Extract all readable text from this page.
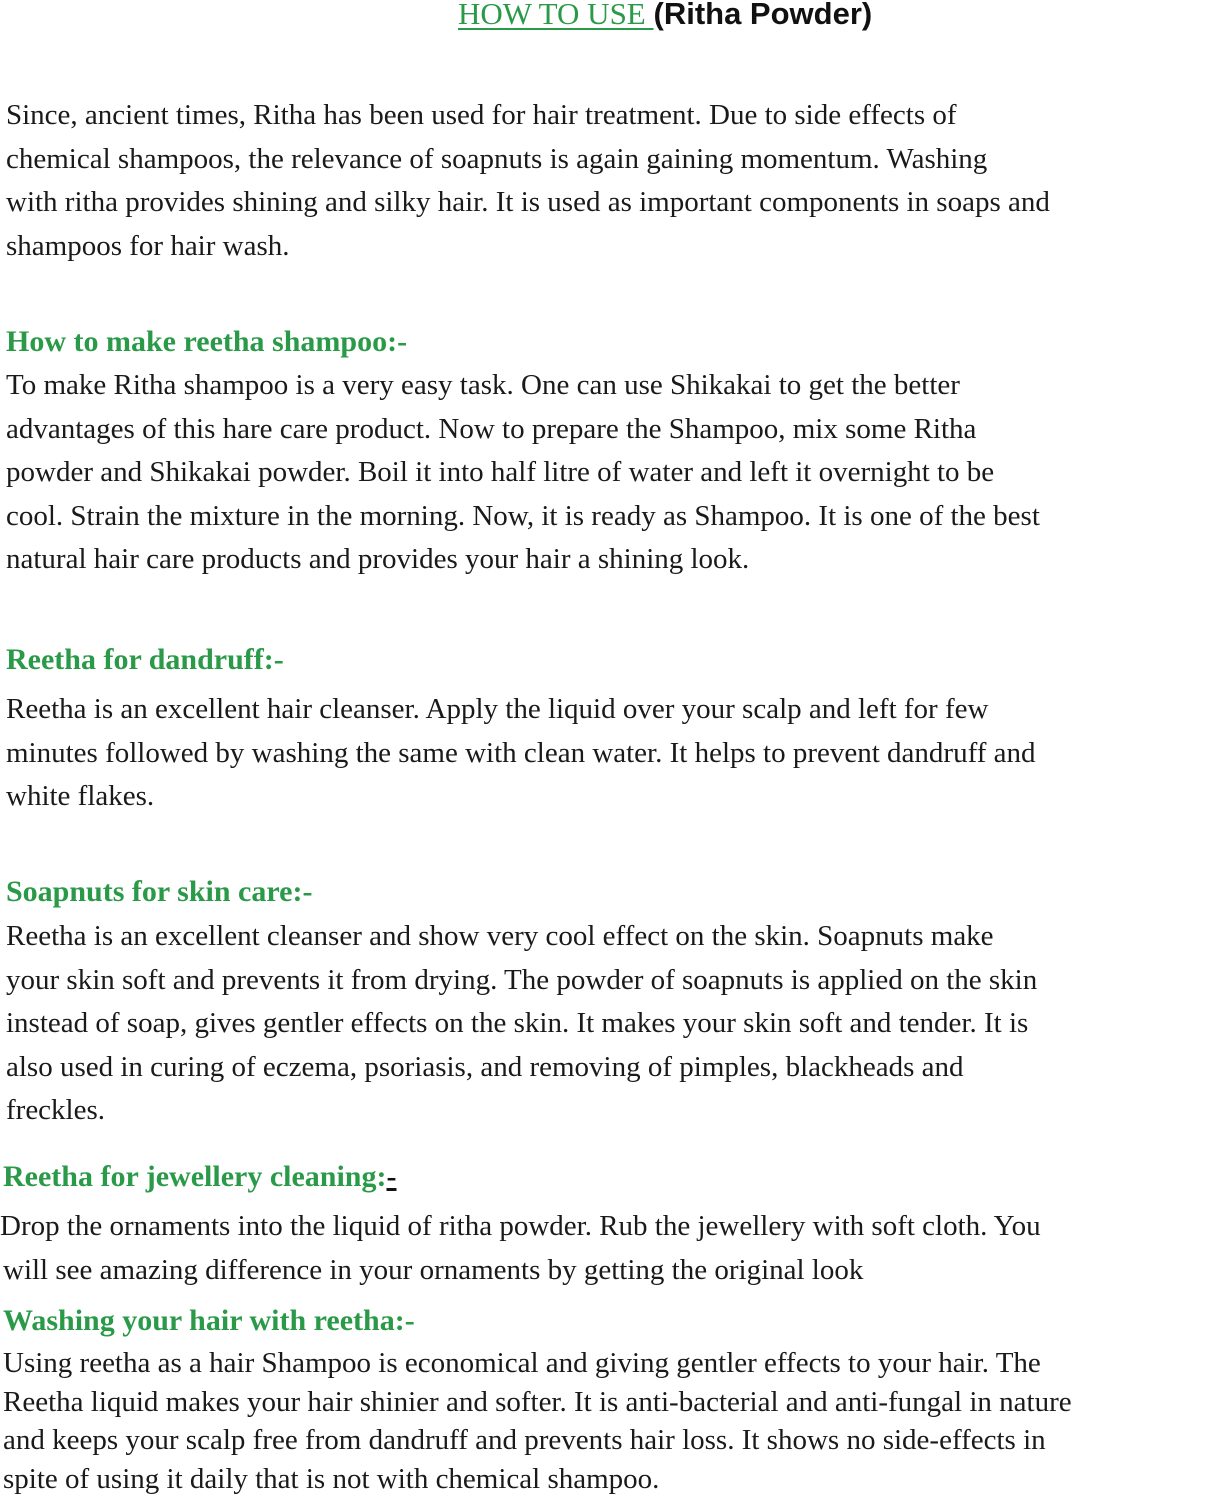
HOW TO USE (Ritha Powder)
Since, ancient times, Ritha has been used for hair treatment. Due to side effects of
chemical shampoos, the relevance of soapnuts is again gaining momentum. Washing
with ritha provides shining and silky hair. It is used as important components in soaps and
shampoos for hair wash.
How to make reetha shampoo:-
To make Ritha shampoo is a very easy task. One can use Shikakai to get the better
advantages of this hare care product. Now to prepare the Shampoo, mix some Ritha
powder and Shikakai powder. Boil it into half litre of water and left it overnight to be
cool. Strain the mixture in the morning. Now, it is ready as Shampoo. It is one of the best
natural hair care products and provides your hair a shining look.
Reetha for dandruff:-
Reetha is an excellent hair cleanser. Apply the liquid over your scalp and left for few
minutes followed by washing the same with clean water. It helps to prevent dandruff and
white flakes.
Soapnuts for skin care:-
Reetha is an excellent cleanser and show very cool effect on the skin. Soapnuts make
your skin soft and prevents it from drying. The powder of soapnuts is applied on the skin
instead of soap, gives gentler effects on the skin. It makes your skin soft and tender. It is
also used in curing of eczema, psoriasis, and removing of pimples, blackheads and
freckles.
Reetha for jewellery cleaning:-
Drop the ornaments into the liquid of ritha powder. Rub the jewellery with soft cloth. You
will see amazing difference in your ornaments by getting the original look
Washing your hair with reetha:-
Using reetha as a hair Shampoo is economical and giving gentler effects to your hair. The
Reetha liquid makes your hair shinier and softer. It is anti-bacterial and anti-fungal in nature
and keeps your scalp free from dandruff and prevents hair loss. It shows no side-effects in
spite of using it daily that is not with chemical shampoo.
